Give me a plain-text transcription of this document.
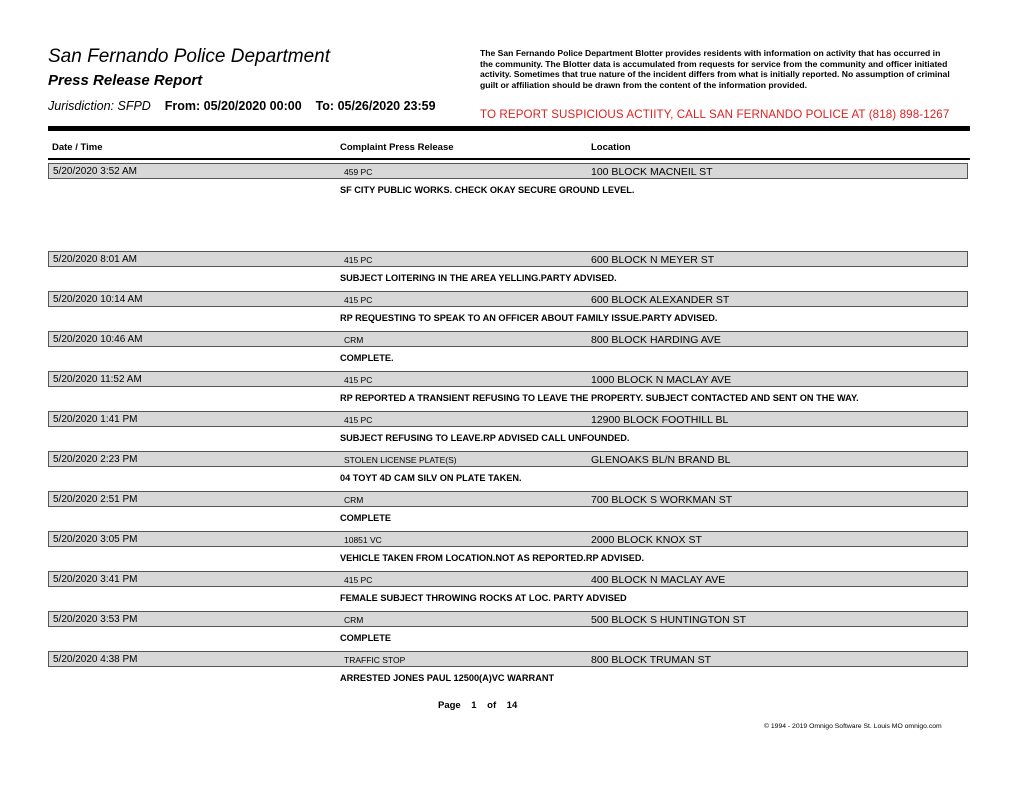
San Fernando Police Department
Press Release Report
Jurisdiction: SFPD From: 05/20/2020 00:00 To: 05/26/2020 23:59
The San Fernando Police Department Blotter provides residents with information on activity that has occurred in the community. The Blotter data is accumulated from requests for service from the community and officer initiated activity. Sometimes that true nature of the incident differs from what is initially reported. No assumption of criminal guilt or affiliation should be drawn from the content of the information provided.
TO REPORT SUSPICIOUS ACTIITY, CALL SAN FERNANDO POLICE AT (818) 898-1267
Date / Time	Complaint Press Release	Location
5/20/2020 3:52 AM	459 PC	100 BLOCK MACNEIL ST
SF CITY PUBLIC WORKS. CHECK OKAY SECURE GROUND LEVEL.
5/20/2020 8:01 AM	415 PC	600 BLOCK N MEYER ST
SUBJECT LOITERING IN THE AREA YELLING.PARTY ADVISED.
5/20/2020 10:14 AM	415 PC	600 BLOCK ALEXANDER ST
RP REQUESTING TO SPEAK TO AN OFFICER ABOUT FAMILY ISSUE.PARTY ADVISED.
5/20/2020 10:46 AM	CRM	800 BLOCK HARDING AVE
COMPLETE.
5/20/2020 11:52 AM	415 PC	1000 BLOCK N MACLAY AVE
RP REPORTED A TRANSIENT REFUSING TO LEAVE THE PROPERTY. SUBJECT CONTACTED AND SENT ON THE WAY.
5/20/2020 1:41 PM	415 PC	12900 BLOCK FOOTHILL BL
SUBJECT REFUSING TO LEAVE.RP ADVISED CALL UNFOUNDED.
5/20/2020 2:23 PM	STOLEN LICENSE PLATE(S)	GLENOAKS BL/N BRAND BL
04 TOYT 4D CAM SILV ON PLATE TAKEN.
5/20/2020 2:51 PM	CRM	700 BLOCK S WORKMAN ST
COMPLETE
5/20/2020 3:05 PM	10851 VC	2000 BLOCK KNOX ST
VEHICLE TAKEN FROM LOCATION.NOT AS REPORTED.RP ADVISED.
5/20/2020 3:41 PM	415 PC	400 BLOCK N MACLAY AVE
FEMALE SUBJECT THROWING ROCKS AT LOC. PARTY ADVISED
5/20/2020 3:53 PM	CRM	500 BLOCK S HUNTINGTON ST
COMPLETE
5/20/2020 4:38 PM	TRAFFIC STOP	800 BLOCK TRUMAN ST
ARRESTED JONES PAUL 12500(A)VC WARRANT
Page 1 of 14
© 1994 - 2019 Omnigo Software St. Louis MO omnigo.com
